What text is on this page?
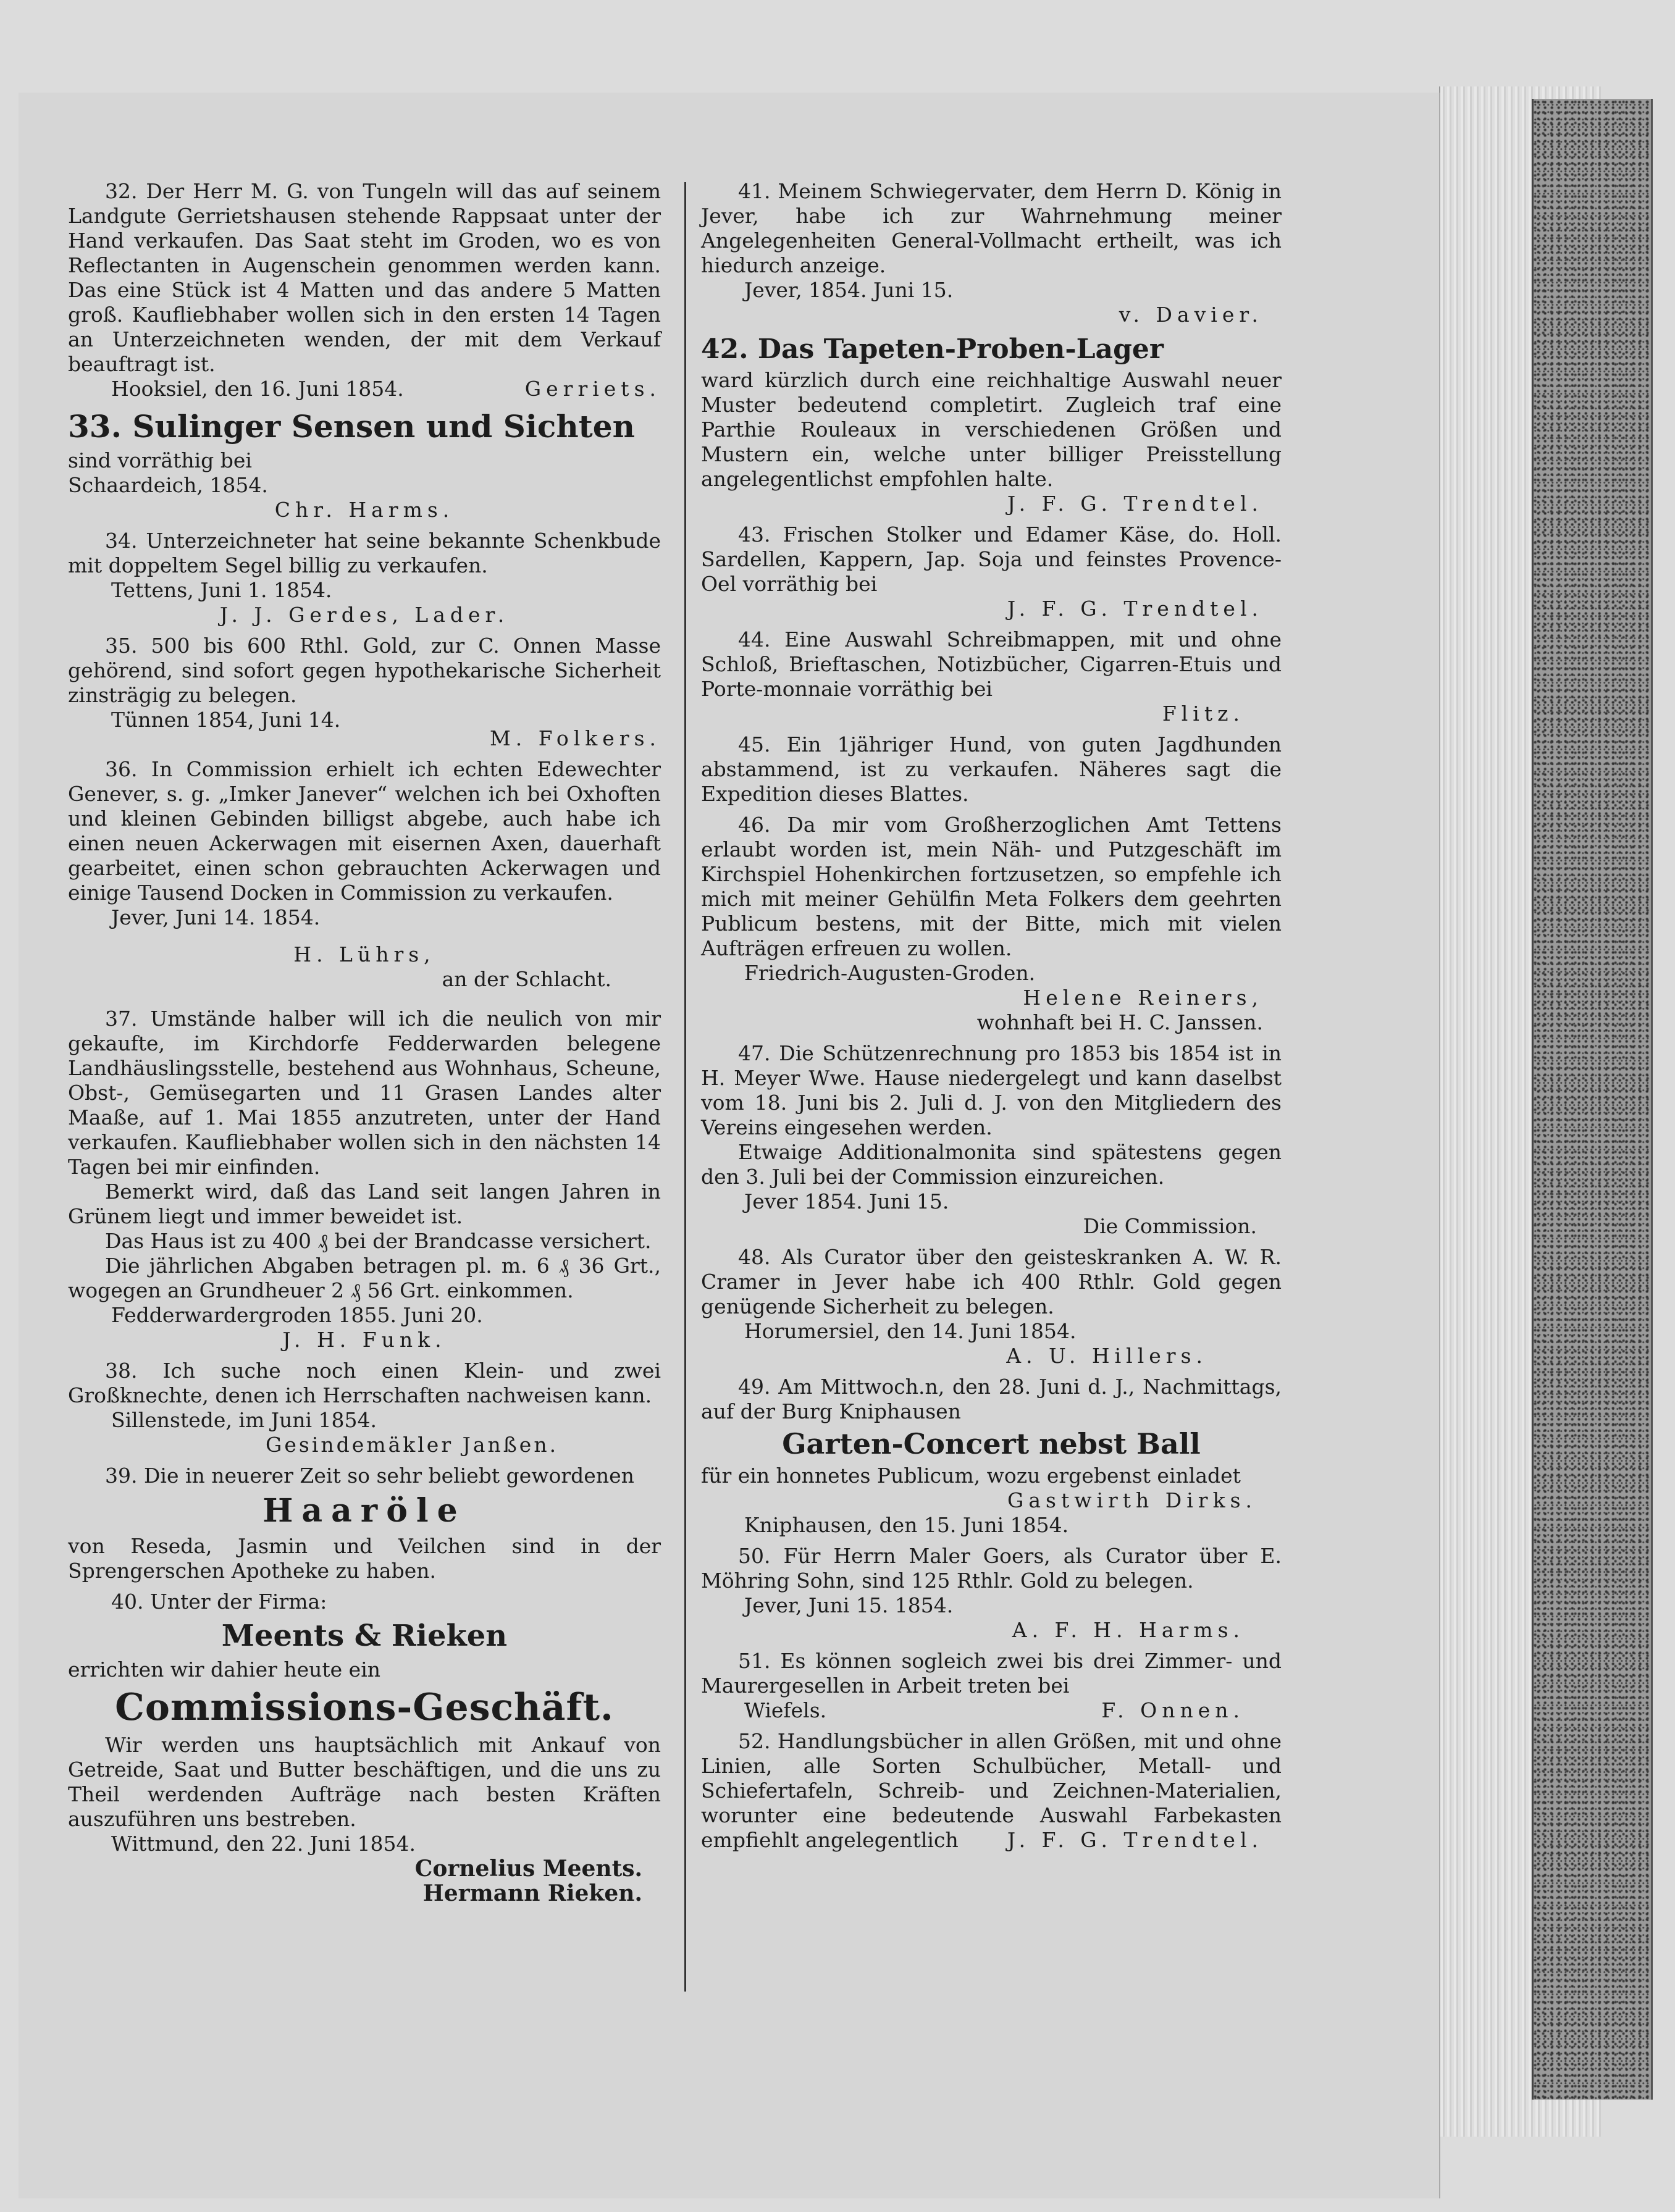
32. Der Herr M. G. von Tungeln will das auf seinem Landgute Gerrietshausen stehende Rappsaat unter der Hand verkaufen. Das Saat steht im Groden, wo es von Reflectanten in Augenschein genommen werden kann. Das eine Stück ist 4 Matten und das andere 5 Matten groß. Kaufliebhaber wollen sich in den ersten 14 Tagen an Unterzeichneten wenden, der mit dem Verkauf beauftragt ist.

Hooksiel, den 16. Juni 1854.	Gerriets.

33. Sulinger Sensen und Sichten

sind vorräthig bei

Schaardeich, 1854.

Chr. Harms.

34. Unterzeichneter hat seine bekannte Schenkbude mit doppeltem Segel billig zu verkaufen.

Tettens, Juni 1. 1854.

J. J. Gerdes, Lader.

35. 500 bis 600 Rthl. Gold, zur C. Onnen Masse gehörend, sind sofort gegen hypothekarische Sicherheit zinsträgig zu belegen.

Tünnen 1854, Juni 14.

M. Folkers.

36. In Commission erhielt ich echten Edewechter Genever, s. g. „Imker Janever“ welchen ich bei Oxhoften und kleinen Gebinden billigst abgebe, auch habe ich einen neuen Ackerwagen mit eisernen Axen, dauerhaft gearbeitet, einen schon gebrauchten Ackerwagen und einige Tausend Docken in Commission zu verkaufen.

Jever, Juni 14. 1854.

H. Lührs,

an der Schlacht.

37. Umstände halber will ich die neulich von mir gekaufte, im Kirchdorfe Fedderwarden belegene Landhäuslingsstelle, bestehend aus Wohnhaus, Scheune, Obst-, Gemüsegarten und 11 Grasen Landes alter Maaße, auf 1. Mai 1855 anzutreten, unter der Hand verkaufen. Kaufliebhaber wollen sich in den nächsten 14 Tagen bei mir einfinden.

Bemerkt wird, daß das Land seit langen Jahren in Grünem liegt und immer beweidet ist.

Das Haus ist zu 400 ₰ bei der Brandcasse versichert.

Die jährlichen Abgaben betragen pl. m. 6 ₰ 36 Grt., wogegen an Grundheuer 2 ₰ 56 Grt. einkommen.

Fedderwardergroden 1855. Juni 20.

J. H. Funk.

38. Ich suche noch einen Klein- und zwei Großknechte, denen ich Herrschaften nachweisen kann.

Sillenstede, im Juni 1854.

Gesindemäkler Janßen.

39. Die in neuerer Zeit so sehr beliebt gewordenen

Haaröle

von Reseda, Jasmin und Veilchen sind in der Sprengerschen Apotheke zu haben.

40. Unter der Firma:

Meents & Rieken

errichten wir dahier heute ein

Commissions-Geschäft.

Wir werden uns hauptsächlich mit Ankauf von Getreide, Saat und Butter beschäftigen, und die uns zu Theil werdenden Aufträge nach besten Kräften auszuführen uns bestreben.

Wittmund, den 22. Juni 1854.

Cornelius Meents.

Hermann Rieken.

41. Meinem Schwiegervater, dem Herrn D. König in Jever, habe ich zur Wahrnehmung meiner Angelegenheiten General-Vollmacht ertheilt, was ich hiedurch anzeige.

Jever, 1854. Juni 15.

v. Davier.

42. Das Tapeten-Proben-Lager

ward kürzlich durch eine reichhaltige Auswahl neuer Muster bedeutend completirt. Zugleich traf eine Parthie Rouleaux in verschiedenen Größen und Mustern ein, welche unter billiger Preisstellung angelegentlichst empfohlen halte.

J. F. G. Trendtel.

43. Frischen Stolker und Edamer Käse, do. Holl. Sardellen, Kappern, Jap. Soja und feinstes Provence-Oel vorräthig bei

J. F. G. Trendtel.

44. Eine Auswahl Schreibmappen, mit und ohne Schloß, Brieftaschen, Notizbücher, Cigarren-Etuis und Porte-monnaie vorräthig bei

Flitz.

45. Ein 1jähriger Hund, von guten Jagdhunden abstammend, ist zu verkaufen. Näheres sagt die Expedition dieses Blattes.

46. Da mir vom Großherzoglichen Amt Tettens erlaubt worden ist, mein Näh- und Putzgeschäft im Kirchspiel Hohenkirchen fortzusetzen, so empfehle ich mich mit meiner Gehülfin Meta Folkers dem geehrten Publicum bestens, mit der Bitte, mich mit vielen Aufträgen erfreuen zu wollen.

Friedrich-Augusten-Groden.

Helene Reiners,

wohnhaft bei H. C. Janssen.

47. Die Schützenrechnung pro 1853 bis 1854 ist in H. Meyer Wwe. Hause niedergelegt und kann daselbst vom 18. Juni bis 2. Juli d. J. von den Mitgliedern des Vereins eingesehen werden.

Etwaige Additionalmonita sind spätestens gegen den 3. Juli bei der Commission einzureichen.

Jever 1854. Juni 15.

Die Commission.

48. Als Curator über den geisteskranken A. W. R. Cramer in Jever habe ich 400 Rthlr. Gold gegen genügende Sicherheit zu belegen.

Horumersiel, den 14. Juni 1854.

A. U. Hillers.

49. Am Mittwoch.n, den 28. Juni d. J., Nachmittags, auf der Burg Kniphausen

Garten-Concert nebst Ball

für ein honnetes Publicum, wozu ergebenst einladet

Gastwirth Dirks.

Kniphausen, den 15. Juni 1854.

50. Für Herrn Maler Goers, als Curator über E. Möhring Sohn, sind 125 Rthlr. Gold zu belegen.

Jever, Juni 15. 1854.

A. F. H. Harms.

51. Es können sogleich zwei bis drei Zimmer- und Maurergesellen in Arbeit treten bei

Wiefels.	F. Onnen.

52. Handlungsbücher in allen Größen, mit und ohne Linien, alle Sorten Schulbücher, Metall- und Schiefertafeln, Schreib- und Zeichnen-Materialien, worunter eine bedeutende Auswahl Farbekasten empfiehlt angelegentlich	J. F. G. Trendtel.
